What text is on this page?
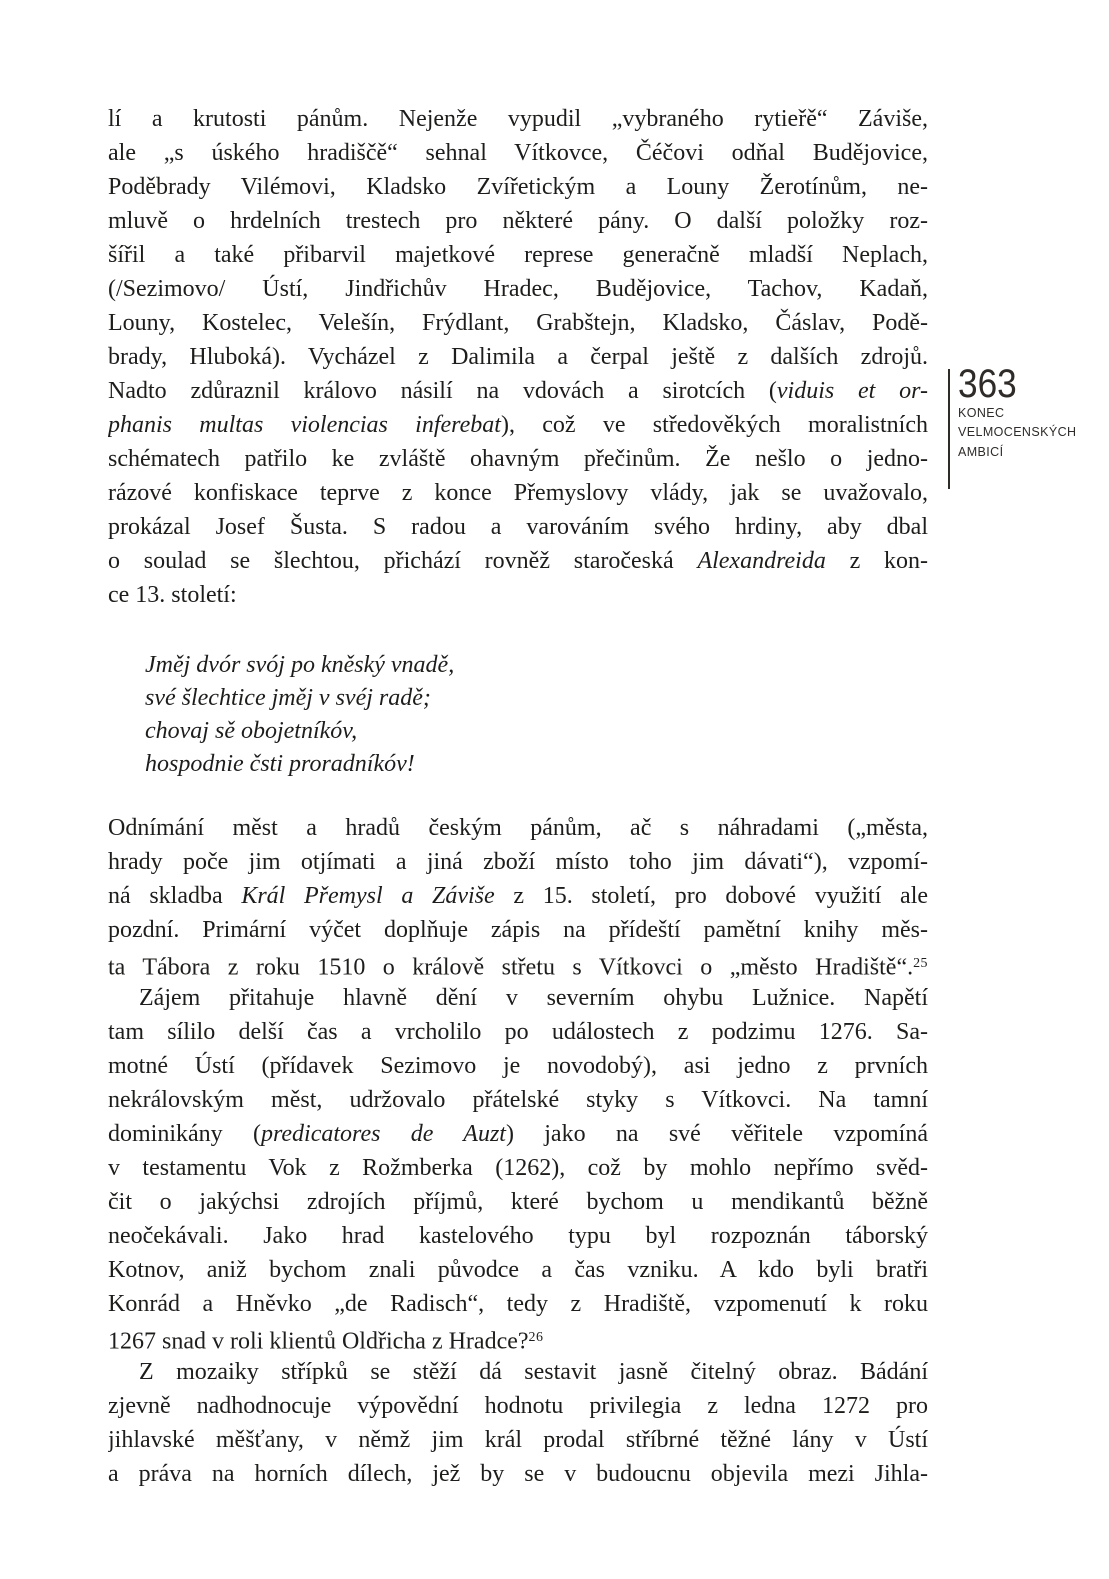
lí a krutosti pánům. Nejenže vypudil „vybraného rytieřě“ Záviše,
ale „s úského hradiščě“ sehnal Vítkovce, Čéčovi odňal Budějovice,
Poděbrady Vilémovi, Kladsko Zvířetickým a Louny Žerotínům, ne-
mluvě o hrdelních trestech pro některé pány. O další položky roz-
šířil a také přibarvil majetkové represe generačně mladší Neplach,
(/Sezimovo/ Ústí, Jindřichův Hradec, Budějovice, Tachov, Kadaň,
Louny, Kostelec, Velešín, Frýdlant, Grabštejn, Kladsko, Čáslav, Podě-
brady, Hluboká). Vycházel z Dalimila a čerpal ještě z dalších zdrojů.
Nadto zdůraznil královo násilí na vdovách a sirotcích (viduis et or-
phanis multas violencias inferebat), což ve středověkých moralistních
schématech patřilo ke zvláště ohavným přečinům. Že nešlo o jedno-
rázové konfiskace teprve z konce Přemyslovy vlády, jak se uvažovalo,
prokázal Josef Šusta. S radou a varováním svého hrdiny, aby dbal
o soulad se šlechtou, přichází rovněž staročeská Alexandreida z kon-
ce 13. století:
Jměj dvór svój po kněský vnadě,
své šlechtice jměj v svéj radě;
chovaj sě obojetníkóv,
hospodnie čsti proradníkóv!
Odnímání měst a hradů českým pánům, ač s náhradami („města,
hrady poče jim otjímati a jiná zboží místo toho jim dávati“), vzpomí-
ná skladba Král Přemysl a Záviše z 15. století, pro dobové využití ale
pozdní. Primární výčet doplňuje zápis na přídeští pamětní knihy měs-
ta Tábora z roku 1510 o králově střetu s Vítkovci o „město Hradiště“.$^{25}$
Zájem přitahuje hlavně dění v severním ohybu Lužnice. Napětí
tam sílilo delší čas a vrcholilo po událostech z podzimu 1276. Sa-
motné Ústí (přídavek Sezimovo je novodobý), asi jedno z prvních
nekrálovským měst, udržovalo přátelské styky s Vítkovci. Na tamní
dominikány (predicatores de Auzt) jako na své věřitele vzpomíná
v testamentu Vok z Rožmberka (1262), což by mohlo nepřímo svěd-
čit o jakýchsi zdrojích příjmů, které bychom u mendikantů běžně
neočekávali. Jako hrad kastelového typu byl rozpoznán táborský
Kotnov, aniž bychom znali původce a čas vzniku. A kdo byli bratři
Konrád a Hněvko „de Radisch“, tedy z Hradiště, vzpomenutí k roku
1267 snad v roli klientů Oldřicha z Hradce?$^{26}$
Z mozaiky střípků se stěží dá sestavit jasně čitelný obraz. Bádání
zjevně nadhodnocuje výpovědní hodnotu privilegia z ledna 1272 pro
jihlavské měšťany, v němž jim král prodal stříbrné těžné lány v Ústí
a práva na horních dílech, jež by se v budoucnu objevila mezi Jihla-
363
KONEC
VELMOCENSKÝCH
AMBICÍ
